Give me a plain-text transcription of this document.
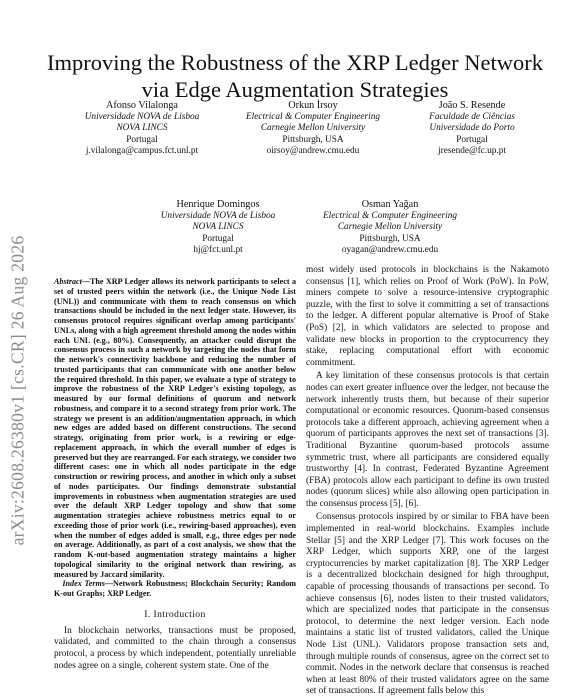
arXiv:2608.26380v1 [cs.CR] 26 Aug 2026
Improving the Robustness of the XRP Ledger Network via Edge Augmentation Strategies
Afonso Vilalonga
Universidade NOVA de Lisboa
NOVA LINCS
Portugal
j.vilalonga@campus.fct.unl.pt
Orkun İrsoy
Electrical & Computer Engineering
Carnegie Mellon University
Pittsburgh, USA
oirsoy@andrew.cmu.edu
João S. Resende
Faculdade de Ciências
Universidade do Porto
Portugal
jresende@fc.up.pt
Henrique Domingos
Universidade NOVA de Lisboa
NOVA LINCS
Portugal
hj@fct.unl.pt
Osman Yağan
Electrical & Computer Engineering
Carnegie Mellon University
Pittsburgh, USA
oyagan@andrew.cmu.edu

Abstract—The XRP Ledger allows its network participants to select a set of trusted peers within the network (i.e., the Unique Node List (UNL)) and communicate with them to reach consensus on which transactions should be included in the next ledger state. However, its consensus protocol requires significant overlap among participants' UNLs, along with a high agreement threshold among the nodes within each UNL (e.g., 80%). Consequently, an attacker could disrupt the consensus process in such a network by targeting the nodes that form the network's connectivity backbone and reducing the number of trusted participants that can communicate with one another below the required threshold. In this paper, we evaluate a type of strategy to improve the robustness of the XRP Ledger's existing topology, as measured by our formal definitions of quorum and network robustness, and compare it to a second strategy from prior work. The strategy we present is an addition/augmentation approach, in which new edges are added based on different constructions. The second strategy, originating from prior work, is a rewiring or edge-replacement approach, in which the overall number of edges is preserved but they are rearranged. For each strategy, we consider two different cases: one in which all nodes participate in the edge construction or rewiring process, and another in which only a subset of nodes participates. Our findings demonstrate substantial improvements in robustness when augmentation strategies are used over the default XRP Ledger topology and show that some augmentation strategies achieve robustness metrics equal to or exceeding those of prior work (i.e., rewiring-based approaches), even when the number of edges added is small, e.g., three edges per node on average. Additionally, as part of a cost analysis, we show that the random K-out-based augmentation strategy maintains a higher topological similarity to the original network than rewiring, as measured by Jaccard similarity.

Index Terms—Network Robustness; Blockchain Security; Random K-out Graphs; XRP Ledger.

I. Introduction

In blockchain networks, transactions must be proposed, validated, and committed to the chain through a consensus protocol, a process by which independent, potentially unreliable nodes agree on a single, coherent system state. One of the

most widely used protocols in blockchains is the Nakamoto consensus [1], which relies on Proof of Work (PoW). In PoW, miners compete to solve a resource-intensive cryptographic puzzle, with the first to solve it committing a set of transactions to the ledger. A different popular alternative is Proof of Stake (PoS) [2], in which validators are selected to propose and validate new blocks in proportion to the cryptocurrency they stake, replacing computational effort with economic commitment.

A key limitation of these consensus protocols is that certain nodes can exert greater influence over the ledger, not because the network inherently trusts them, but because of their superior computational or economic resources. Quorum-based consensus protocols take a different approach, achieving agreement when a quorum of participants approves the next set of transactions [3]. Traditional Byzantine quorum-based protocols assume symmetric trust, where all participants are considered equally trustworthy [4]. In contrast, Federated Byzantine Agreement (FBA) protocols allow each participant to define its own trusted nodes (quorum slices) while also allowing open participation in the consensus process [5], [6].

Consensus protocols inspired by or similar to FBA have been implemented in real-world blockchains. Examples include Stellar [5] and the XRP Ledger [7]. This work focuses on the XRP Ledger, which supports XRP, one of the largest cryptocurrencies by market capitalization [8]. The XRP Ledger is a decentralized blockchain designed for high throughput, capable of processing thousands of transactions per second. To achieve consensus [6], nodes listen to their trusted validators, which are specialized nodes that participate in the consensus protocol, to determine the next ledger version. Each node maintains a static list of trusted validators, called the Unique Node List (UNL). Validators propose transaction sets and, through multiple rounds of consensus, agree on the correct set to commit. Nodes in the network declare that consensus is reached when at least 80% of their trusted validators agree on the same set of transactions. If agreement falls below this
